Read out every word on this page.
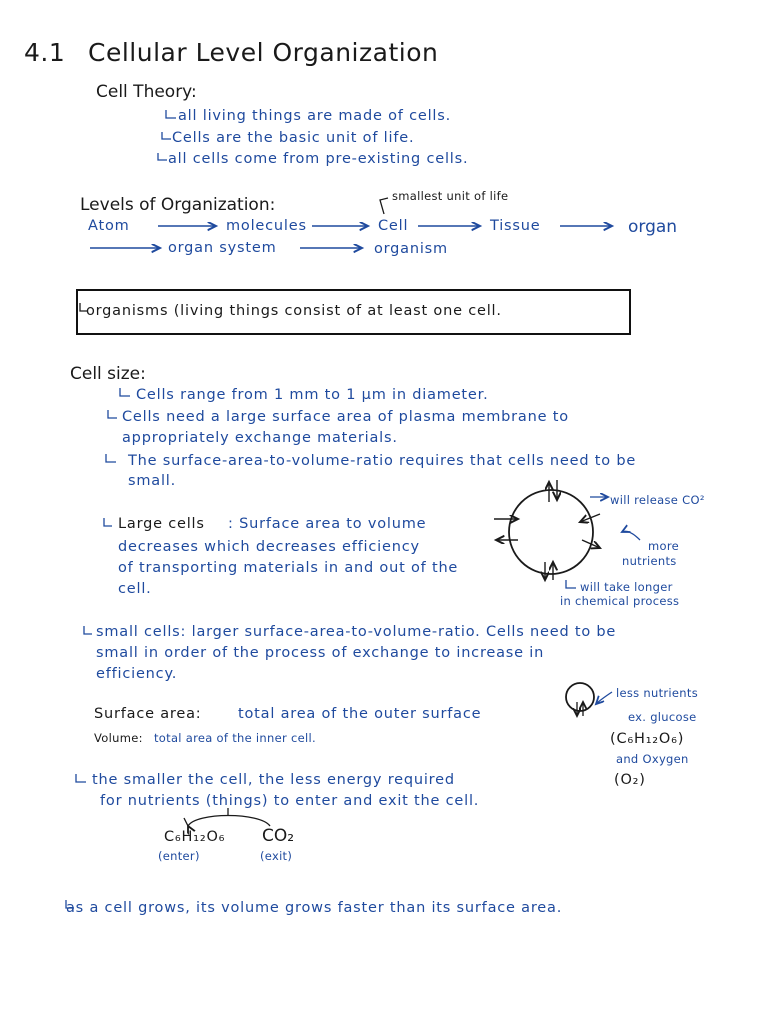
4.1 Cellular Level Organization
Cell Theory:
all living things are made of cells.
Cells are the basic unit of life.
all cells come from pre-existing cells.
Levels of Organization:	smallest unit of life
Atom	molecules	Cell	Tissue	organ
organ system	organism
organisms (living things consist of at least one cell.
Cell size:
Cells range from 1 mm to 1 µm in diameter.
Cells need a large surface area of plasma membrane to
appropriately exchange materials.
The surface-area-to-volume-ratio requires that cells need to be
small.
Large cells : Surface area to volume
decreases which decreases efficiency
of transporting materials in and out of the
cell.
will release CO²
more
nutrients
will take longer
in chemical process
small cells: larger surface-area-to-volume-ratio. Cells need to be
small in order of the process of exchange to increase in
efficiency.
less nutrients
ex. glucose
(C₆H₁₂O₆)
and Oxygen
(O₂)
Surface area:	total area of the outer surface
Volume: total area of the inner cell.
the smaller the cell, the less energy required
for nutrients (things) to enter and exit the cell.
C₆H₁₂O₆
(enter)
CO₂
(exit)
as a cell grows, its volume grows faster than its surface area.
